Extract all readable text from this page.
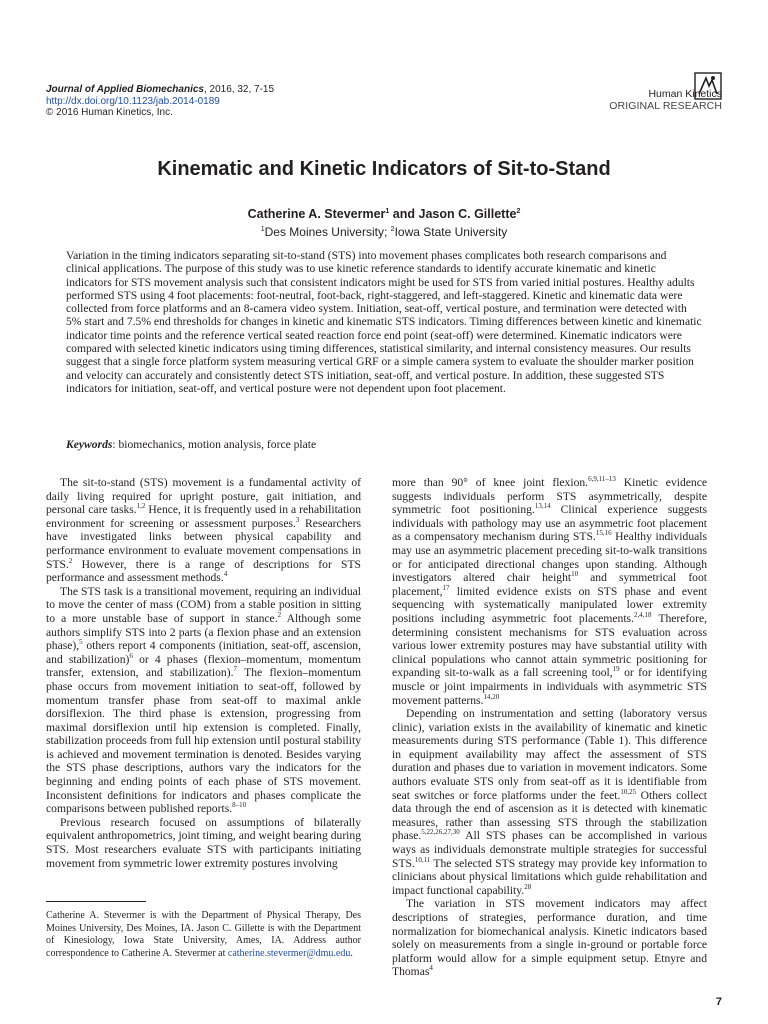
Journal of Applied Biomechanics, 2016, 32, 7-15
http://dx.doi.org/10.1123/jab.2014-0189
© 2016 Human Kinetics, Inc.
Human Kinetics
ORIGINAL RESEARCH
Kinematic and Kinetic Indicators of Sit-to-Stand
Catherine A. Stevermer$^1$ and Jason C. Gillette$^2$
$^1$Des Moines University; $^2$Iowa State University
Variation in the timing indicators separating sit-to-stand (STS) into movement phases complicates both research comparisons and clinical applications. The purpose of this study was to use kinetic reference standards to identify accurate kinematic and kinetic indicators for STS movement analysis such that consistent indicators might be used for STS from varied initial postures. Healthy adults performed STS using 4 foot placements: foot-neutral, foot-back, right-staggered, and left-staggered. Kinetic and kinematic data were collected from force platforms and an 8-camera video system. Initiation, seat-off, vertical posture, and termination were detected with 5% start and 7.5% end thresholds for changes in kinetic and kinematic STS indicators. Timing differences between kinetic and kinematic indicator time points and the reference vertical seated reaction force end point (seat-off) were determined. Kinematic indicators were compared with selected kinetic indicators using timing differences, statistical similarity, and internal consistency measures. Our results suggest that a single force platform system measuring vertical GRF or a simple camera system to evaluate the shoulder marker position and velocity can accurately and consistently detect STS initiation, seat-off, and vertical posture. In addition, these suggested STS indicators for initiation, seat-off, and vertical posture were not dependent upon foot placement.
Keywords: biomechanics, motion analysis, force plate

The sit-to-stand (STS) movement is a fundamental activity of daily living required for upright posture, gait initiation, and personal care tasks.$^{1,2}$ Hence, it is frequently used in a rehabilitation environment for screening or assessment purposes.$^3$ Researchers have investigated links between physical capability and performance environment to evaluate movement compensations in STS.$^2$ However, there is a range of descriptions for STS performance and assessment methods.$^4$

The STS task is a transitional movement, requiring an individual to move the center of mass (COM) from a stable position in sitting to a more unstable base of support in stance.$^2$ Although some authors simplify STS into 2 parts (a flexion phase and an extension phase),$^5$ others report 4 components (initiation, seat-off, ascension, and stabilization)$^6$ or 4 phases (flexion–momentum, momentum transfer, extension, and stabilization).$^7$ The flexion–momentum phase occurs from movement initiation to seat-off, followed by momentum transfer phase from seat-off to maximal ankle dorsiflexion. The third phase is extension, progressing from maximal dorsiflexion until hip extension is completed. Finally, stabilization proceeds from full hip extension until postural stability is achieved and movement termination is denoted. Besides varying the STS phase descriptions, authors vary the indicators for the beginning and ending points of each phase of STS movement. Inconsistent definitions for indicators and phases complicate the comparisons between published reports.$^{8-10}$

Previous research focused on assumptions of bilaterally equivalent anthropometrics, joint timing, and weight bearing during STS. Most researchers evaluate STS with participants initiating movement from symmetric lower extremity postures involving

more than 90° of knee joint flexion.$^{6,9,11-13}$ Kinetic evidence suggests individuals perform STS asymmetrically, despite symmetric foot positioning.$^{13,14}$ Clinical experience suggests individuals with pathology may use an asymmetric foot placement as a compensatory mechanism during STS.$^{15,16}$ Healthy individuals may use an asymmetric placement preceding sit-to-walk transitions or for anticipated directional changes upon standing. Although investigators altered chair height$^{10}$ and symmetrical foot placement,$^{17}$ limited evidence exists on STS phase and event sequencing with systematically manipulated lower extremity positions including asymmetric foot placements.$^{2,4,18}$ Therefore, determining consistent mechanisms for STS evaluation across various lower extremity postures may have substantial utility with clinical populations who cannot attain symmetric positioning for expanding sit-to-walk as a fall screening tool,$^{19}$ or for identifying muscle or joint impairments in individuals with asymmetric STS movement patterns.$^{14,20}$

Depending on instrumentation and setting (laboratory versus clinic), variation exists in the availability of kinematic and kinetic measurements during STS performance (Table 1). This difference in equipment availability may affect the assessment of STS duration and phases due to variation in movement indicators. Some authors evaluate STS only from seat-off as it is identifiable from seat switches or force platforms under the feet.$^{10,25}$ Others collect data through the end of ascension as it is detected with kinematic measures, rather than assessing STS through the stabilization phase.$^{5,22,26,27,30}$ All STS phases can be accomplished in various ways as individuals demonstrate multiple strategies for successful STS.$^{10,11}$ The selected STS strategy may provide key information to clinicians about physical limitations which guide rehabilitation and impact functional capability.$^{28}$

The variation in STS movement indicators may affect descriptions of strategies, performance duration, and time normalization for biomechanical analysis. Kinetic indicators based solely on measurements from a single in-ground or portable force platform would allow for a simple equipment setup. Etnyre and Thomas$^4$

Catherine A. Stevermer is with the Department of Physical Therapy, Des Moines University, Des Moines, IA. Jason C. Gillette is with the Department of Kinesiology, Iowa State University, Ames, IA. Address author correspondence to Catherine A. Stevermer at catherine.stevermer@dmu.edu.
7
